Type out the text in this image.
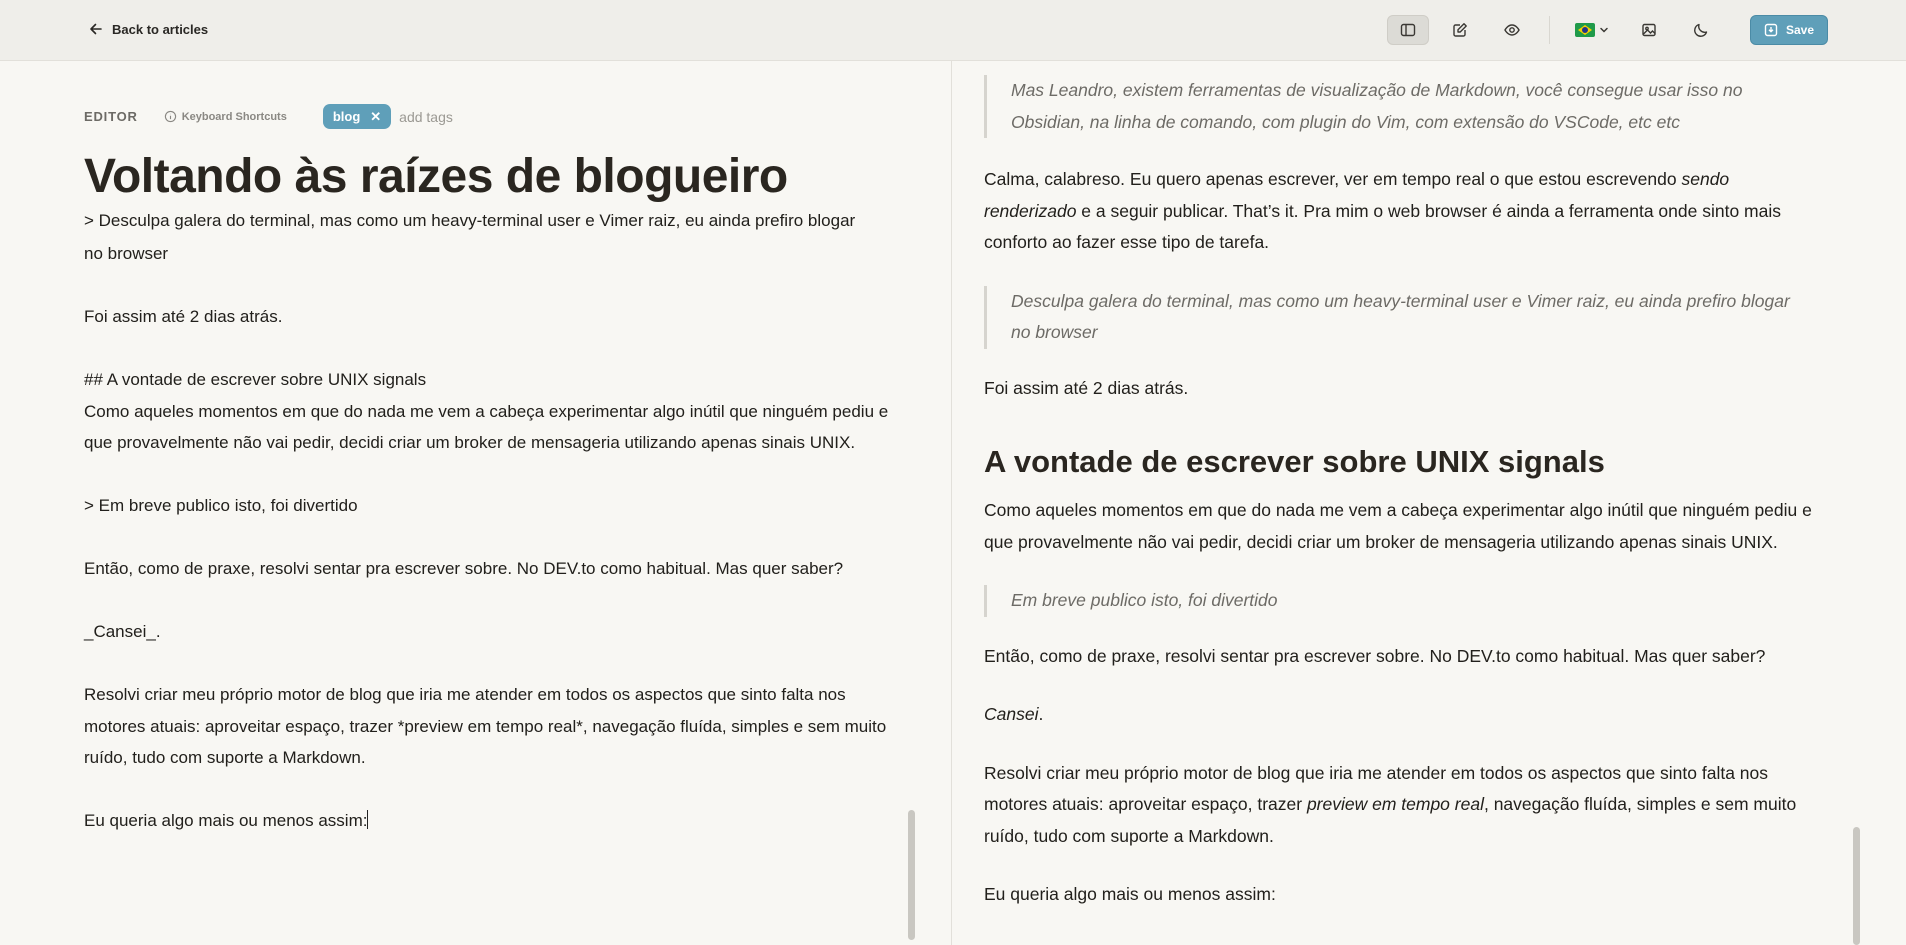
Back to articles	Save
EDITOR	Keyboard Shortcuts	blog ✕ add tags
Voltando às raízes de blogueiro
> Desculpa galera do terminal, mas como um heavy-terminal user e Vimer raiz, eu ainda prefiro blogar

no browser

Foi assim até 2 dias atrás.

## A vontade de escrever sobre UNIX signals

Como aqueles momentos em que do nada me vem a cabeça experimentar algo inútil que ninguém pediu e que provavelmente não vai pedir, decidi criar um broker de mensageria utilizando apenas sinais UNIX.

> Em breve publico isto, foi divertido

Então, como de praxe, resolvi sentar pra escrever sobre. No DEV.to como habitual. Mas quer saber?

_Cansei_.

Resolvi criar meu próprio motor de blog que iria me atender em todos os aspectos que sinto falta nos motores atuais: aproveitar espaço, trazer *preview em tempo real*, navegação fluída, simples e sem muito ruído, tudo com suporte a Markdown.

Eu queria algo mais ou menos assim:

Mas Leandro, existem ferramentas de visualização de Markdown, você consegue usar isso no Obsidian, na linha de comando, com plugin do Vim, com extensão do VSCode, etc etc

Calma, calabreso. Eu quero apenas escrever, ver em tempo real o que estou escrevendo sendo renderizado e a seguir publicar. That’s it. Pra mim o web browser é ainda a ferramenta onde sinto mais conforto ao fazer esse tipo de tarefa.

Desculpa galera do terminal, mas como um heavy-terminal user e Vimer raiz, eu ainda prefiro blogar no browser

Foi assim até 2 dias atrás.

A vontade de escrever sobre UNIX signals

Como aqueles momentos em que do nada me vem a cabeça experimentar algo inútil que ninguém pediu e que provavelmente não vai pedir, decidi criar um broker de mensageria utilizando apenas sinais UNIX.

Em breve publico isto, foi divertido

Então, como de praxe, resolvi sentar pra escrever sobre. No DEV.to como habitual. Mas quer saber?

Cansei.

Resolvi criar meu próprio motor de blog que iria me atender em todos os aspectos que sinto falta nos motores atuais: aproveitar espaço, trazer preview em tempo real, navegação fluída, simples e sem muito ruído, tudo com suporte a Markdown.

Eu queria algo mais ou menos assim:
